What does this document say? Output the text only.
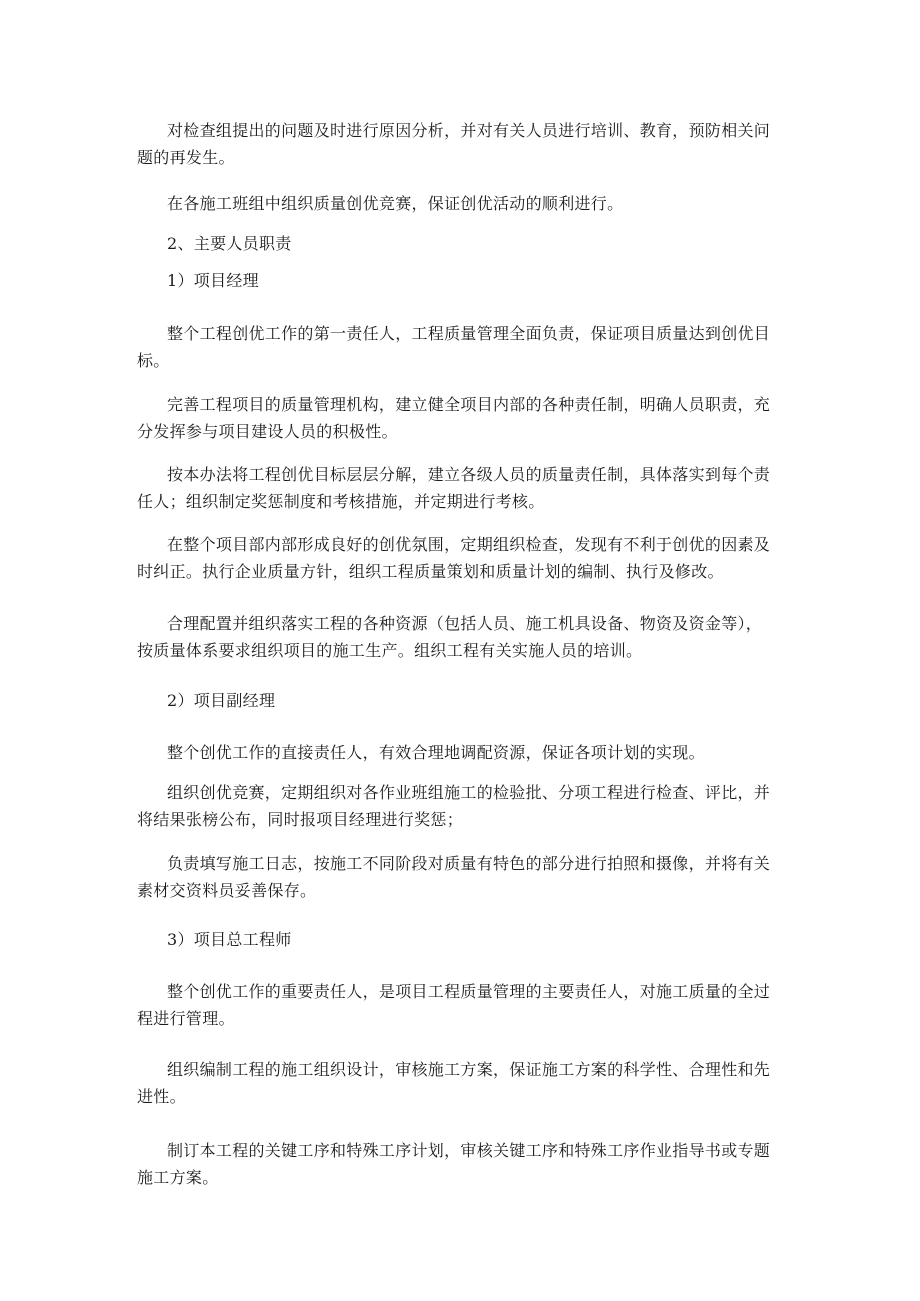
对检查组提出的问题及时进行原因分析，并对有关人员进行培训、教育，预防相关问
题的再发生。

在各施工班组中组织质量创优竞赛，保证创优活动的顺利进行。

2、主要人员职责

1）项目经理

整个工程创优工作的第一责任人，工程质量管理全面负责，保证项目质量达到创优目
标。

完善工程项目的质量管理机构，建立健全项目内部的各种责任制，明确人员职责，充
分发挥参与项目建设人员的积极性。

按本办法将工程创优目标层层分解，建立各级人员的质量责任制，具体落实到每个责
任人；组织制定奖惩制度和考核措施，并定期进行考核。

在整个项目部内部形成良好的创优氛围，定期组织检查，发现有不利于创优的因素及
时纠正。执行企业质量方针，组织工程质量策划和质量计划的编制、执行及修改。

合理配置并组织落实工程的各种资源（包括人员、施工机具设备、物资及资金等），
按质量体系要求组织项目的施工生产。组织工程有关实施人员的培训。

2）项目副经理

整个创优工作的直接责任人，有效合理地调配资源，保证各项计划的实现。

组织创优竞赛，定期组织对各作业班组施工的检验批、分项工程进行检查、评比，并
将结果张榜公布，同时报项目经理进行奖惩；

负责填写施工日志，按施工不同阶段对质量有特色的部分进行拍照和摄像，并将有关
素材交资料员妥善保存。

3）项目总工程师

整个创优工作的重要责任人，是项目工程质量管理的主要责任人，对施工质量的全过
程进行管理。

组织编制工程的施工组织设计，审核施工方案，保证施工方案的科学性、合理性和先
进性。

制订本工程的关键工序和特殊工序计划，审核关键工序和特殊工序作业指导书或专题
施工方案。
